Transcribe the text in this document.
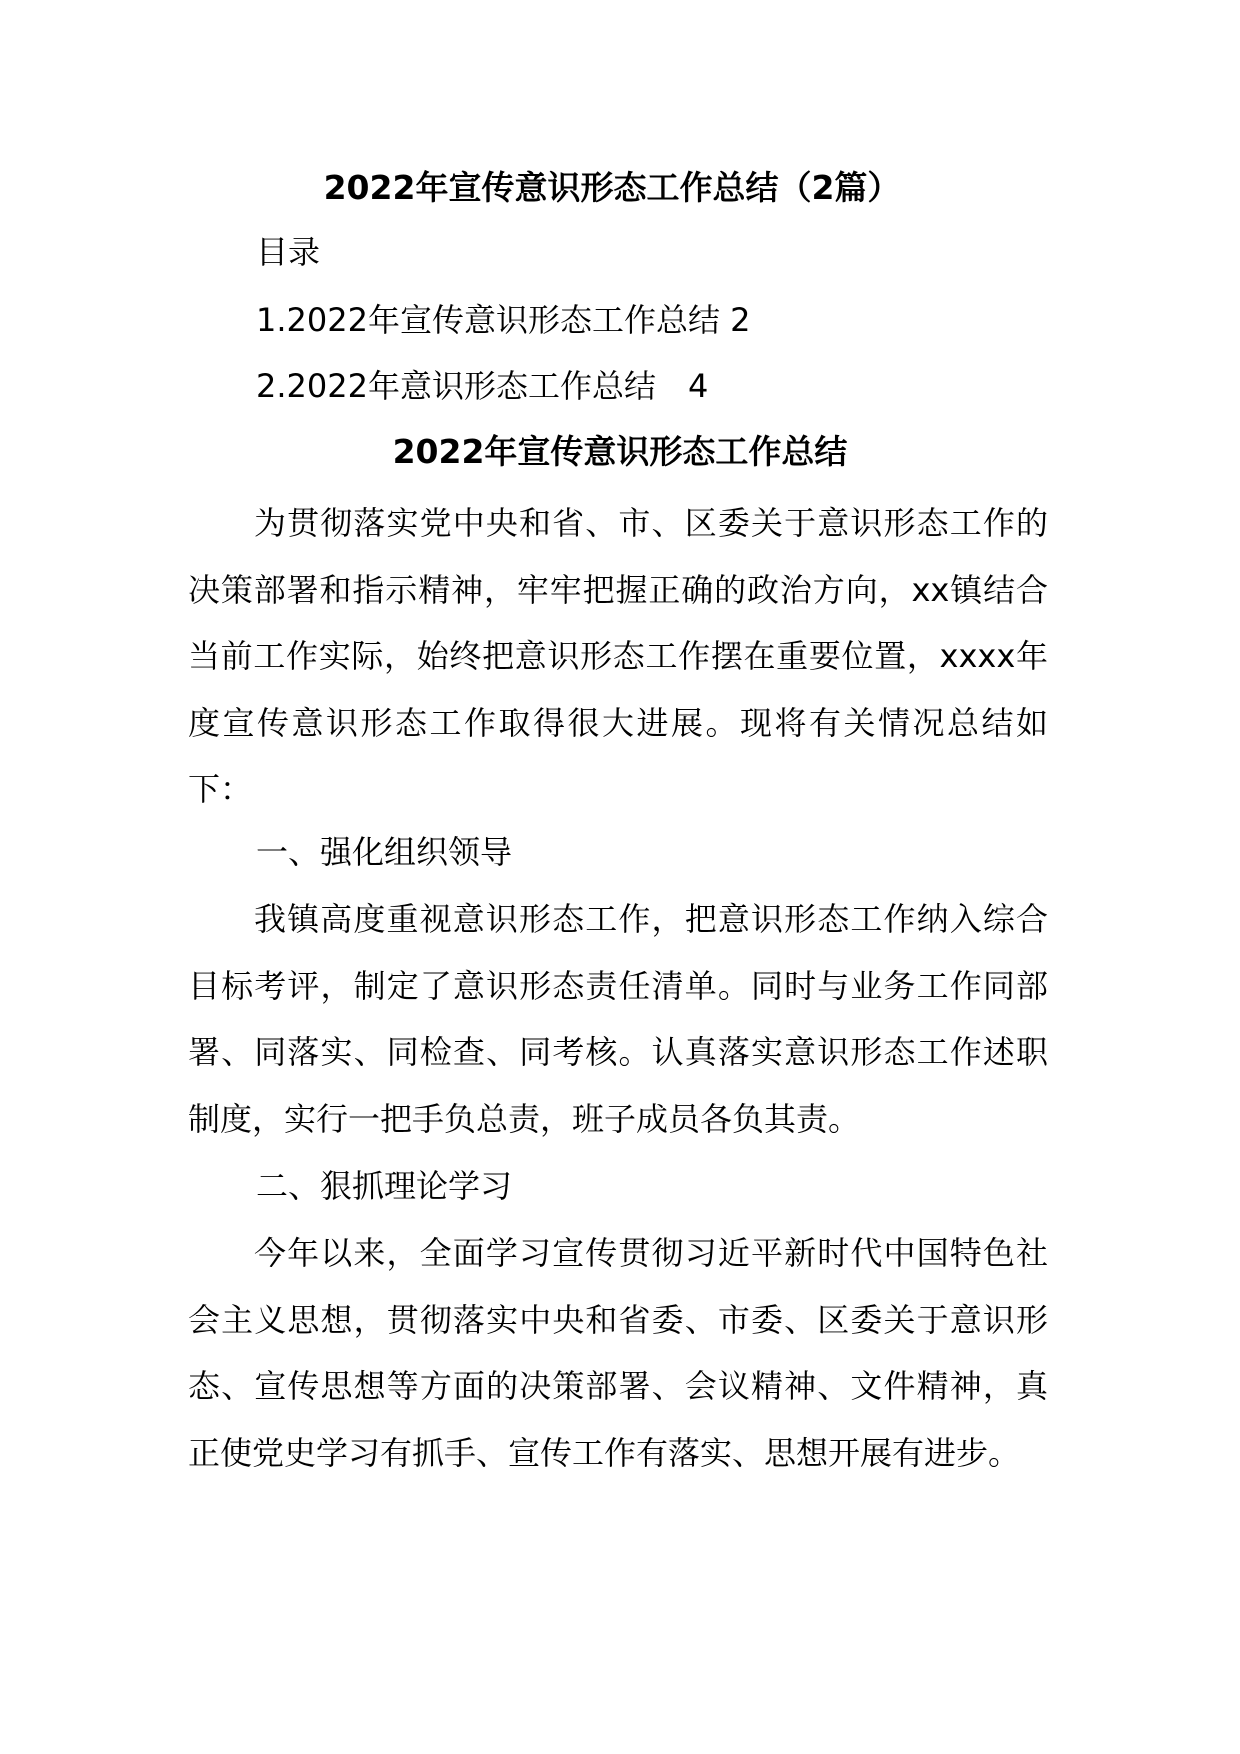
2022年宣传意识形态工作总结（2篇）
目录
1.2022年宣传意识形态工作总结 2
2.2022年意识形态工作总结　4
2022年宣传意识形态工作总结
为贯彻落实党中央和省、市、区委关于意识形态工作的决策部署和指示精神，牢牢把握正确的政治方向，xx镇结合当前工作实际，始终把意识形态工作摆在重要位置，xxxx年度宣传意识形态工作取得很大进展。现将有关情况总结如下：
一、强化组织领导
我镇高度重视意识形态工作，把意识形态工作纳入综合目标考评，制定了意识形态责任清单。同时与业务工作同部署、同落实、同检查、同考核。认真落实意识形态工作述职制度，实行一把手负总责，班子成员各负其责。
二、狠抓理论学习
今年以来，全面学习宣传贯彻习近平新时代中国特色社会主义思想，贯彻落实中央和省委、市委、区委关于意识形态、宣传思想等方面的决策部署、会议精神、文件精神，真正使党史学习有抓手、宣传工作有落实、思想开展有进步。
